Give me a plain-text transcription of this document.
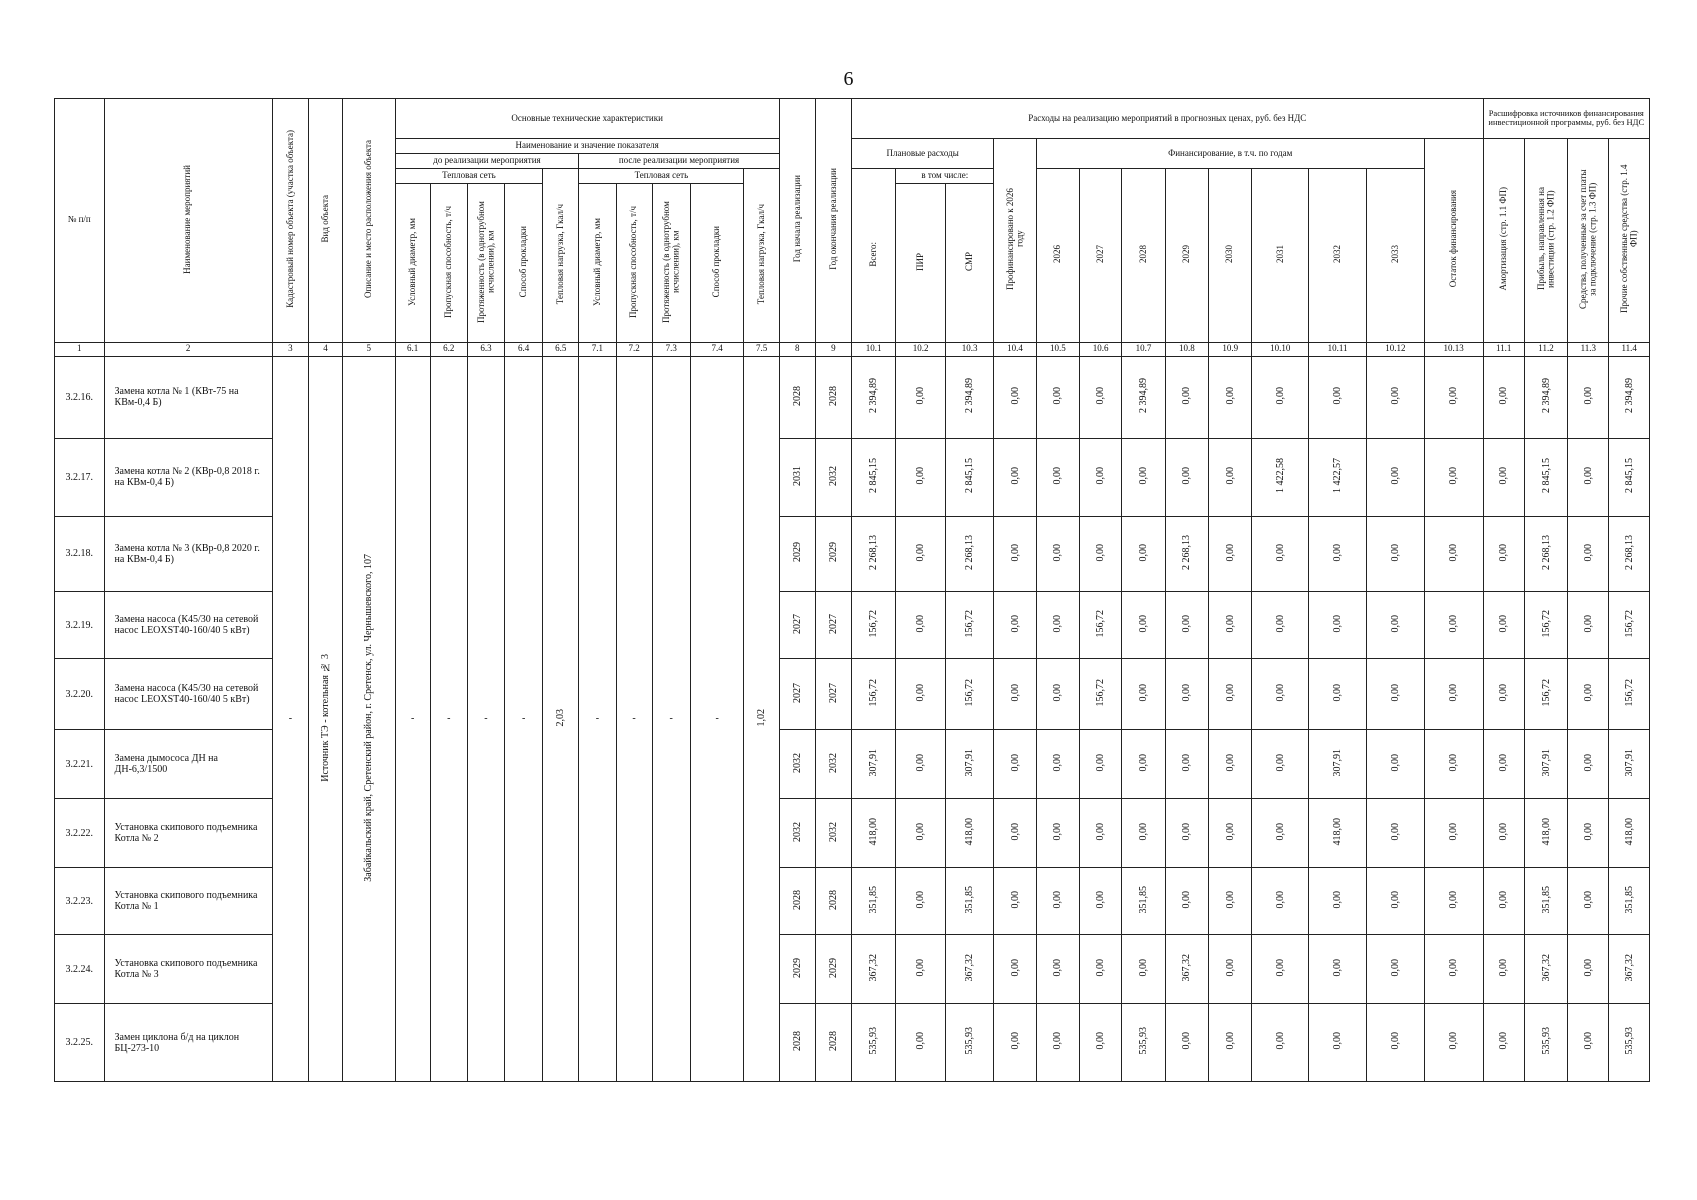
6
№ п/п	Наименование мероприятий	Кадастровый номер объекта (участка объекта)	Вид объекта	Описание и место расположения объекта	Основные технические характеристики										Год начала реализации	Год окончания реализации	Расходы на реализацию мероприятий в прогнозных ценах, руб. без НДС													Расшифровка источников финансирования инвестиционной программы, руб. без НДС			
					Наименование и значение показателя												Плановые расходы			Профинансировано к 2026 году	Финансирование, в т.ч. по годам								Остаток финансирования	Амортизация (стр. 1.1 ФП)	Прибыль, направленная на инвестиции (стр. 1.2 ФП)	Средства, полученные за счет платы за подключение (стр. 1.3 ФП)	Прочие собственные средства (стр. 1.4 ФП)
					до реализации мероприятия					после реализации мероприятия																							
					Тепловая сеть				Тепловая нагрузка, Гкал/ч	Тепловая сеть				Тепловая нагрузка, Гкал/ч			Всего:	в том числе:			2026	2027	2028	2029	2030	2031	2032	2033					
					Условный диаметр, мм	Пропускная способность, т/ч	Протяженность (в однотрубном исчислении), км	Способ прокладки		Условный диаметр, мм	Пропускная способность, т/ч	Протяженность (в однотрубном исчислении), км	Способ прокладки					ПИР	СМР														
1	2	3	4	5	6.1	6.2	6.3	6.4	6.5	7.1	7.2	7.3	7.4	7.5	8	9	10.1	10.2	10.3	10.4	10.5	10.6	10.7	10.8	10.9	10.10	10.11	10.12	10.13	11.1	11.2	11.3	11.4
3.2.16.	Замена котла № 1 (КВт-75 на КВм-0,4 Б)	-	Источник ТЭ - котельная № 3	Забайкальский край, Сретенский район, г. Сретенск, ул. Чернышевского, 107	-	-	-	-	2,03	-	-	-	-	1,02	2028	2028	2 394,89	0,00	2 394,89	0,00	0,00	0,00	2 394,89	0,00	0,00	0,00	0,00	0,00	0,00	0,00	2 394,89	0,00	2 394,89
3.2.17.	Замена котла № 2 (КВр-0,8 2018 г. на КВм-0,4 Б)														2031	2032	2 845,15	0,00	2 845,15	0,00	0,00	0,00	0,00	0,00	0,00	1 422,58	1 422,57	0,00	0,00	0,00	2 845,15	0,00	2 845,15
3.2.18.	Замена котла № 3 (КВр-0,8 2020 г. на КВм-0,4 Б)														2029	2029	2 268,13	0,00	2 268,13	0,00	0,00	0,00	0,00	2 268,13	0,00	0,00	0,00	0,00	0,00	0,00	2 268,13	0,00	2 268,13
3.2.19.	Замена насоса (К45/30 на сетевой насос LEOXST40-160/40 5 кВт)														2027	2027	156,72	0,00	156,72	0,00	0,00	156,72	0,00	0,00	0,00	0,00	0,00	0,00	0,00	0,00	156,72	0,00	156,72
3.2.20.	Замена насоса (К45/30 на сетевой насос LEOXST40-160/40 5 кВт)														2027	2027	156,72	0,00	156,72	0,00	0,00	156,72	0,00	0,00	0,00	0,00	0,00	0,00	0,00	0,00	156,72	0,00	156,72
3.2.21.	Замена дымососа ДН на ДН-6,3/1500														2032	2032	307,91	0,00	307,91	0,00	0,00	0,00	0,00	0,00	0,00	0,00	307,91	0,00	0,00	0,00	307,91	0,00	307,91
3.2.22.	Установка скипового подъемника Котла № 2														2032	2032	418,00	0,00	418,00	0,00	0,00	0,00	0,00	0,00	0,00	0,00	418,00	0,00	0,00	0,00	418,00	0,00	418,00
3.2.23.	Установка скипового подъемника Котла № 1														2028	2028	351,85	0,00	351,85	0,00	0,00	0,00	351,85	0,00	0,00	0,00	0,00	0,00	0,00	0,00	351,85	0,00	351,85
3.2.24.	Установка скипового подъемника Котла № 3														2029	2029	367,32	0,00	367,32	0,00	0,00	0,00	0,00	367,32	0,00	0,00	0,00	0,00	0,00	0,00	367,32	0,00	367,32
3.2.25.	Замен циклона б/д на циклон БЦ-273-10														2028	2028	535,93	0,00	535,93	0,00	0,00	0,00	535,93	0,00	0,00	0,00	0,00	0,00	0,00	0,00	535,93	0,00	535,93
